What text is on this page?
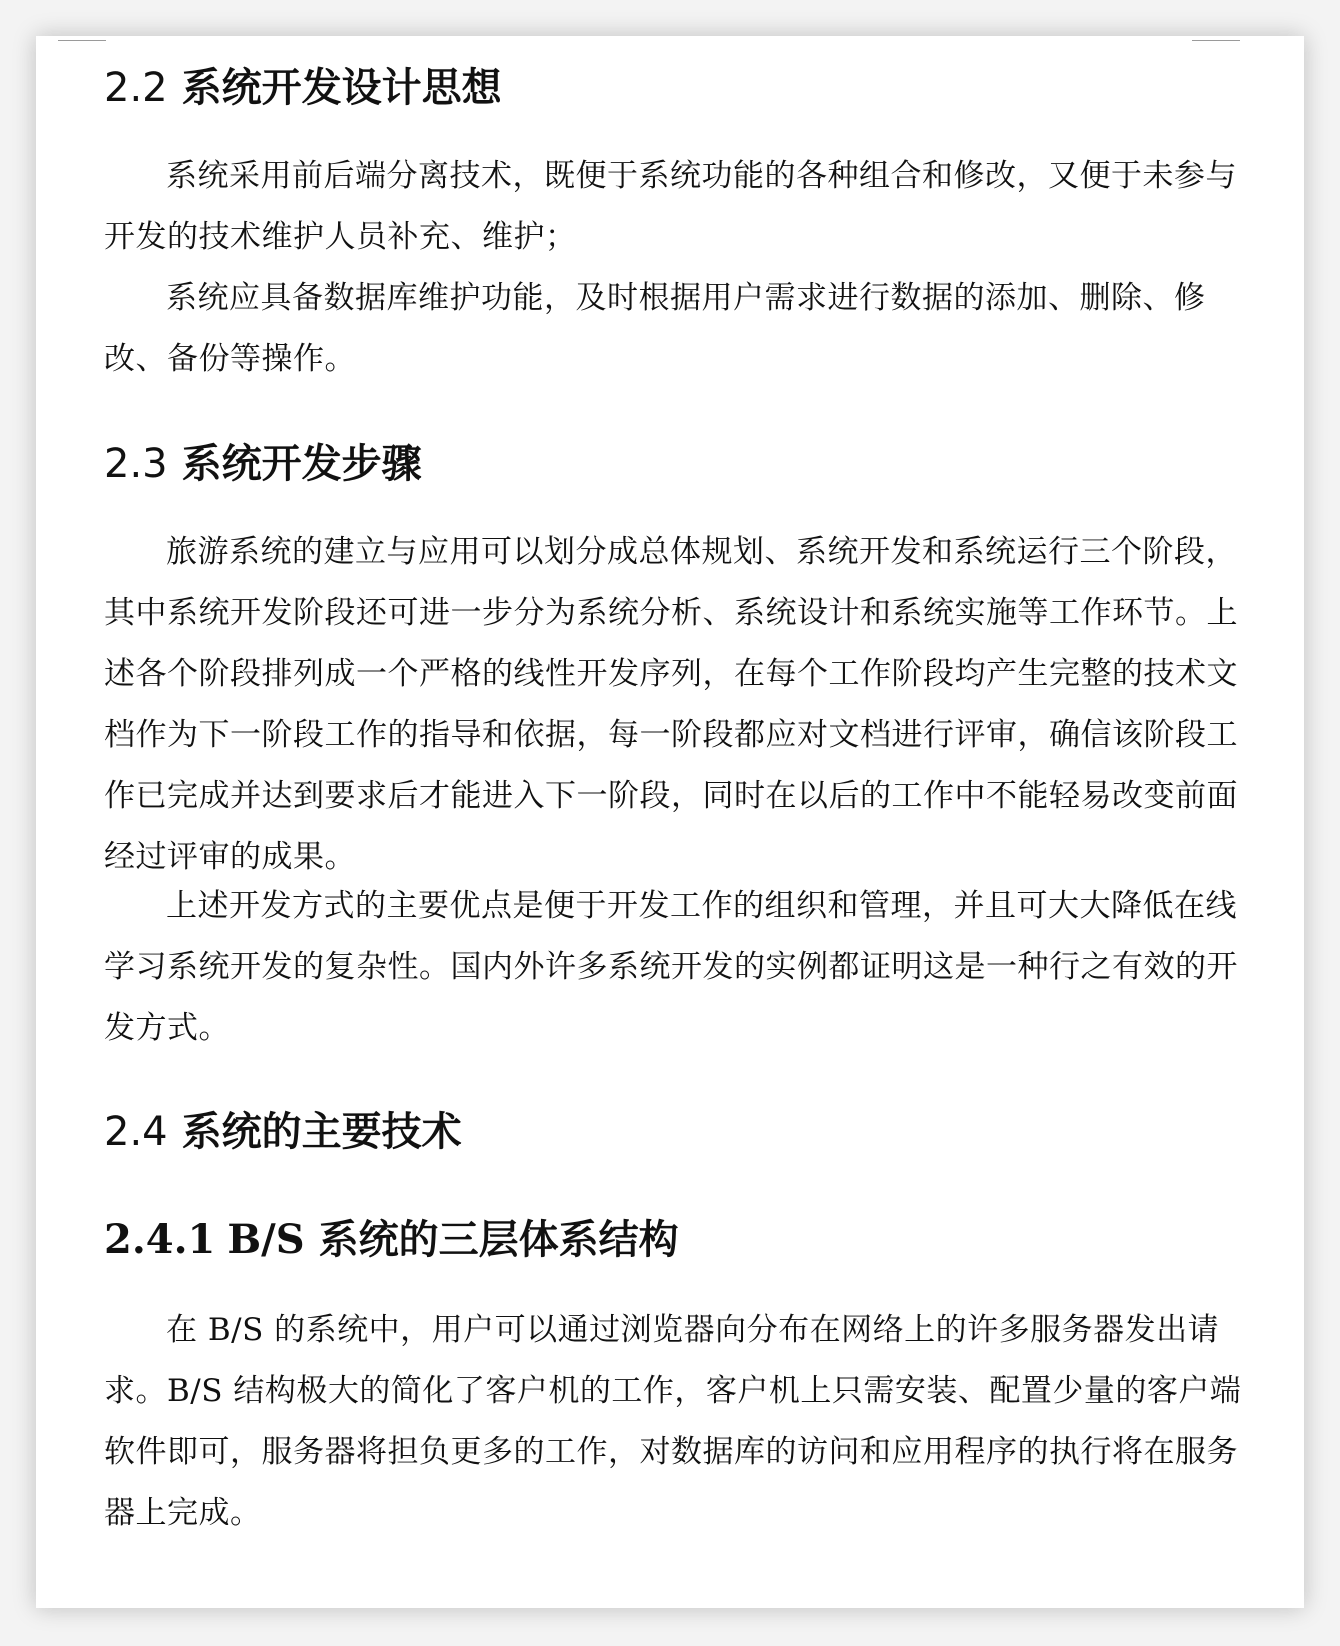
2.2 系统开发设计思想

系统采用前后端分离技术，既便于系统功能的各种组合和修改，又便于未参与开发的技术维护人员补充、维护；

系统应具备数据库维护功能，及时根据用户需求进行数据的添加、删除、修改、备份等操作。

2.3 系统开发步骤

旅游系统的建立与应用可以划分成总体规划、系统开发和系统运行三个阶段，其中系统开发阶段还可进一步分为系统分析、系统设计和系统实施等工作环节。上述各个阶段排列成一个严格的线性开发序列，在每个工作阶段均产生完整的技术文档作为下一阶段工作的指导和依据，每一阶段都应对文档进行评审，确信该阶段工作已完成并达到要求后才能进入下一阶段，同时在以后的工作中不能轻易改变前面经过评审的成果。

上述开发方式的主要优点是便于开发工作的组织和管理，并且可大大降低在线学习系统开发的复杂性。国内外许多系统开发的实例都证明这是一种行之有效的开发方式。

2.4 系统的主要技术
2.4.1 B/S 系统的三层体系结构

在 B/S 的系统中，用户可以通过浏览器向分布在网络上的许多服务器发出请求。B/S 结构极大的简化了客户机的工作，客户机上只需安装、配置少量的客户端软件即可，服务器将担负更多的工作，对数据库的访问和应用程序的执行将在服务器上完成。
